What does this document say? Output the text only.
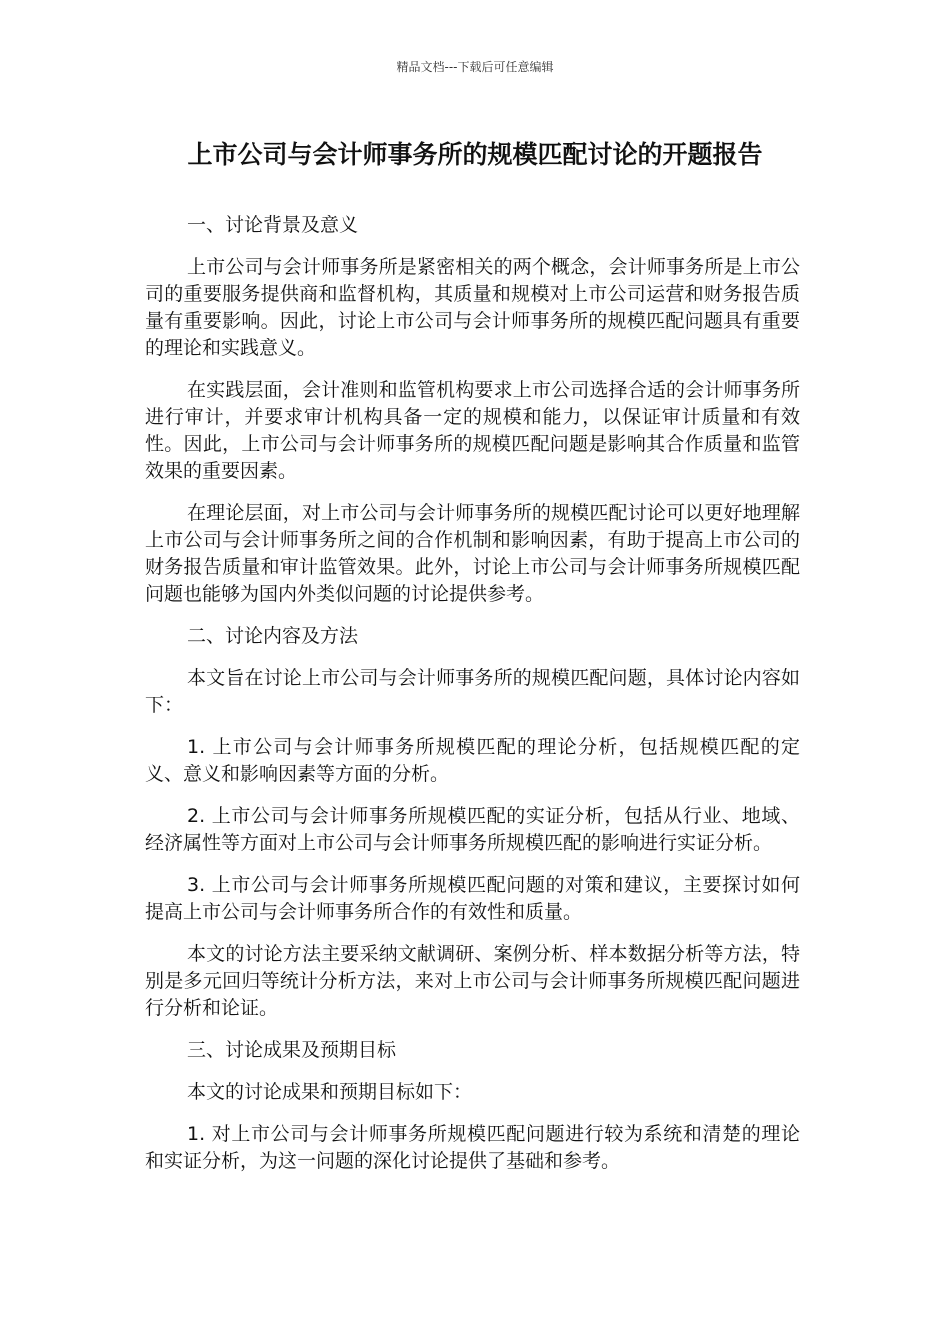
精品文档---下载后可任意编辑
上市公司与会计师事务所的规模匹配讨论的开题报告

一、讨论背景及意义

上市公司与会计师事务所是紧密相关的两个概念，会计师事务所是上市公司的重要服务提供商和监督机构，其质量和规模对上市公司运营和财务报告质量有重要影响。因此，讨论上市公司与会计师事务所的规模匹配问题具有重要的理论和实践意义。

在实践层面，会计准则和监管机构要求上市公司选择合适的会计师事务所进行审计，并要求审计机构具备一定的规模和能力，以保证审计质量和有效性。因此，上市公司与会计师事务所的规模匹配问题是影响其合作质量和监管效果的重要因素。

在理论层面，对上市公司与会计师事务所的规模匹配讨论可以更好地理解上市公司与会计师事务所之间的合作机制和影响因素，有助于提高上市公司的财务报告质量和审计监管效果。此外，讨论上市公司与会计师事务所规模匹配问题也能够为国内外类似问题的讨论提供参考。

二、讨论内容及方法

本文旨在讨论上市公司与会计师事务所的规模匹配问题，具体讨论内容如下：

1. 上市公司与会计师事务所规模匹配的理论分析，包括规模匹配的定义、意义和影响因素等方面的分析。

2. 上市公司与会计师事务所规模匹配的实证分析，包括从行业、地域、经济属性等方面对上市公司与会计师事务所规模匹配的影响进行实证分析。

3. 上市公司与会计师事务所规模匹配问题的对策和建议，主要探讨如何提高上市公司与会计师事务所合作的有效性和质量。

本文的讨论方法主要采纳文献调研、案例分析、样本数据分析等方法，特别是多元回归等统计分析方法，来对上市公司与会计师事务所规模匹配问题进行分析和论证。

三、讨论成果及预期目标

本文的讨论成果和预期目标如下：

1. 对上市公司与会计师事务所规模匹配问题进行较为系统和清楚的理论和实证分析，为这一问题的深化讨论提供了基础和参考。
